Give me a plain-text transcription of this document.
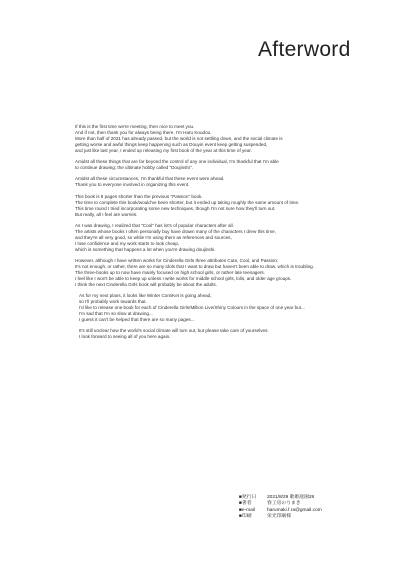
Afterword
If this is the first time we're meeting, then nice to meet you.
And if not, then thank you for always being there. I'm Haru Koudou.
More than half of 2021 has already passed, but the world is not settling down, and the social climate is
getting worse and awful things keep happening such as Douyin event keep getting suspended,
and just like last year, I ended up releasing my first book of the year at this time of year.
Amidst all these things that are far beyond the control of any one individual, I'm thankful that I'm able
to continue drawing; the ultimate hobby called "Doujinshi".
Amidst all these circumstances, I'm thankful that these event were ahead.
Thank you to everyone involved in organizing this event.
This book is 8 pages shorter than the previous "Passion" book.
The time to complete this book/would've been shorter, but it ended up taking roughly the same amount of time.
This time round I tried incorporating some new techniques, though I'm not sure how they'll turn out.
But really, all I feel are worries.
As I was drawing, I realized that "Cool" has lot's of popular characters after all.
The artists whose books I often personally buy have drawn many of the characters I drew this time,
and they're all very good, so while I'm using them as references and sources,
I lose confidence and my work starts to look cheap,
which is something that happens a lot when you're drawing doujinshi.
However, although I have written works for Cinderella Girls three attributes Cute, Cool, and Passion;
It's not enough, or rather, there are so many idols that I want to draw but haven't been able to draw, which is troubling.
The three-books up to now have mainly focused on high school girls, or rather late teenagers.
I feel like I won't be able to keep up unless I write works for middle school girls, lolis, and older age groups.
I think the next Cinderella Girls book will probably be about the adults.
As for my next plans, it looks like Winter ComiKet is going ahead,
so I'll probably work towards that.
I'd like to release one book for each of Cinderella Girls/Million Live/Shiny Colours in the space of one year but...
I'm sad that I'm so slow at drawing...
I guess it can't be helped that there are so many pages...
It's still unclear how the world's social climate will turn out, but please take care of yourselves.
I look forward to seeing all of you here again.
■発行日	2021/8/29 歌姫庭園28
■著者	春工房のりまき
■e-mail	harumaki.f.ra@gmail.com
■印刷	栄光印刷様
